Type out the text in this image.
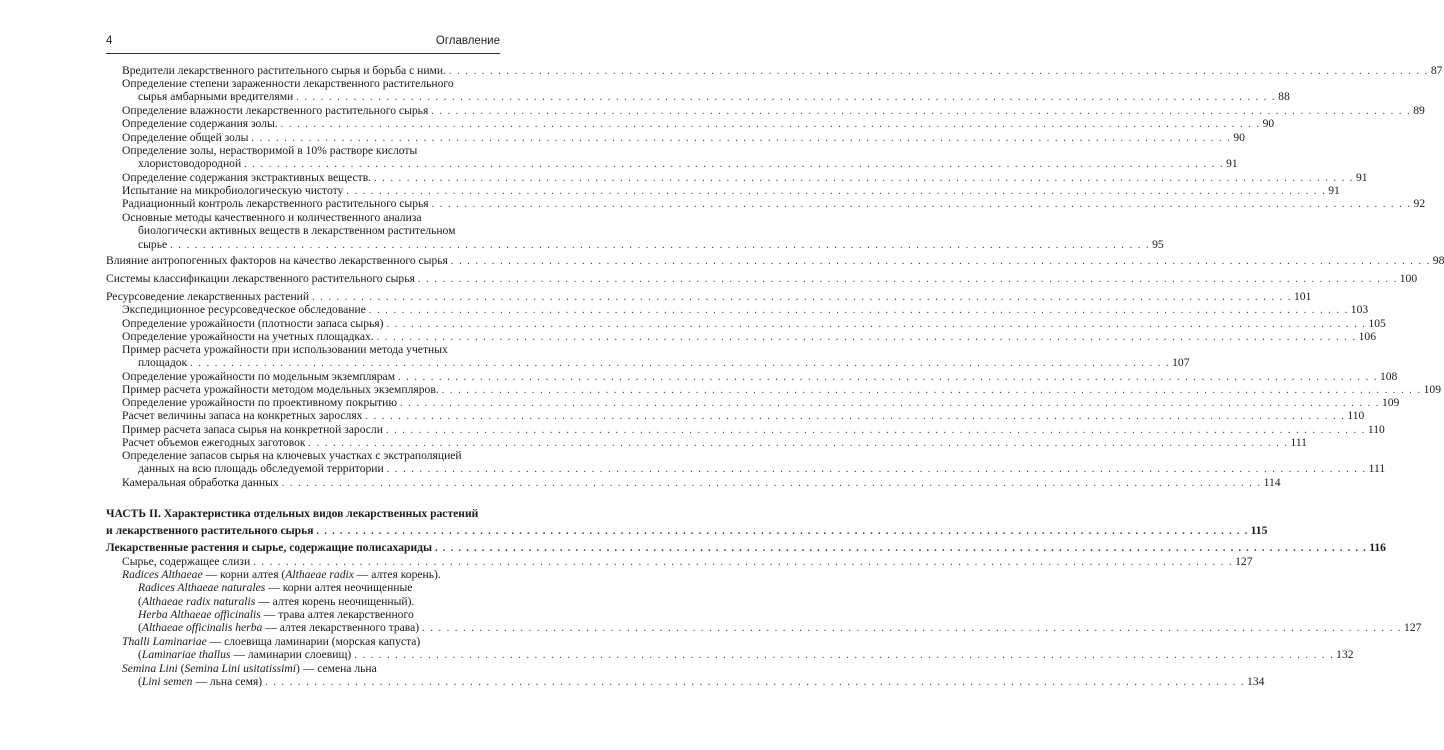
4	Оглавление
Вредители лекарственного растительного сырья и борьба с ними. . . . . . . . . . . . . . . . . . . . . . . . . . . . . . . . . . . . . . . . . . . . . . . . . . . . . . . . . . . . . . . . . . . . . . . . . . . . . . . . . . . . . . . . . . . . . . . . . . . . . . . . . . . . . . . . . . . . . . . . . 87
Определение степени зараженности лекарственного растительного
сырья амбарными вредителями . . . . . . . . . . . . . . . . . . . . . . . . . . . . . . . . . . . . . . . . . . . . . . . . . . . . . . . . . . . . . . . . . . . . . . . . . . . . . . . . . . . . . . . . . . . . . . . . . . . . . . . . . . . . . . . . . . . . . . . . 88
Определение влажности лекарственного растительного сырья . . . . . . . . . . . . . . . . . . . . . . . . . . . . . . . . . . . . . . . . . . . . . . . . . . . . . . . . . . . . . . . . . . . . . . . . . . . . . . . . . . . . . . . . . . . . . . . . . . . . . . . . . . . . . . . . . . . . . . . . 89
Определение содержания золы. . . . . . . . . . . . . . . . . . . . . . . . . . . . . . . . . . . . . . . . . . . . . . . . . . . . . . . . . . . . . . . . . . . . . . . . . . . . . . . . . . . . . . . . . . . . . . . . . . . . . . . . . . . . . . . . . . . . . . . . . 90
Определение общей золы . . . . . . . . . . . . . . . . . . . . . . . . . . . . . . . . . . . . . . . . . . . . . . . . . . . . . . . . . . . . . . . . . . . . . . . . . . . . . . . . . . . . . . . . . . . . . . . . . . . . . . . . . . . . . . . . . . . . . . . . 90
Определение золы, нерастворимой в 10% растворе кислоты
хлористоводородной . . . . . . . . . . . . . . . . . . . . . . . . . . . . . . . . . . . . . . . . . . . . . . . . . . . . . . . . . . . . . . . . . . . . . . . . . . . . . . . . . . . . . . . . . . . . . . . . . . . . . . . . . . . . . . . . . . . . . . . . 91
Определение содержания экстрактивных веществ. . . . . . . . . . . . . . . . . . . . . . . . . . . . . . . . . . . . . . . . . . . . . . . . . . . . . . . . . . . . . . . . . . . . . . . . . . . . . . . . . . . . . . . . . . . . . . . . . . . . . . . . . . . . . . . . . . . . . . . . . 91
Испытание на микробиологическую чистоту . . . . . . . . . . . . . . . . . . . . . . . . . . . . . . . . . . . . . . . . . . . . . . . . . . . . . . . . . . . . . . . . . . . . . . . . . . . . . . . . . . . . . . . . . . . . . . . . . . . . . . . . . . . . . . . . . . . . . . . . 91
Радиационный контроль лекарственного растительного сырья . . . . . . . . . . . . . . . . . . . . . . . . . . . . . . . . . . . . . . . . . . . . . . . . . . . . . . . . . . . . . . . . . . . . . . . . . . . . . . . . . . . . . . . . . . . . . . . . . . . . . . . . . . . . . . . . . . . . . . . . 92
Основные методы качественного и количественного анализа
биологически активных веществ в лекарственном растительном
сырье . . . . . . . . . . . . . . . . . . . . . . . . . . . . . . . . . . . . . . . . . . . . . . . . . . . . . . . . . . . . . . . . . . . . . . . . . . . . . . . . . . . . . . . . . . . . . . . . . . . . . . . . . . . . . . . . . . . . . . . . 95
Влияние антропогенных факторов на качество лекарственного сырья . . . . . . . . . . . . . . . . . . . . . . . . . . . . . . . . . . . . . . . . . . . . . . . . . . . . . . . . . . . . . . . . . . . . . . . . . . . . . . . . . . . . . . . . . . . . . . . . . . . . . . . . . . . . . . . . . . . . . . . . 98
Системы классификации лекарственного растительного сырья . . . . . . . . . . . . . . . . . . . . . . . . . . . . . . . . . . . . . . . . . . . . . . . . . . . . . . . . . . . . . . . . . . . . . . . . . . . . . . . . . . . . . . . . . . . . . . . . . . . . . . . . . . . . . . . . . . . . . . . . 100
Ресурсоведение лекарственных растений . . . . . . . . . . . . . . . . . . . . . . . . . . . . . . . . . . . . . . . . . . . . . . . . . . . . . . . . . . . . . . . . . . . . . . . . . . . . . . . . . . . . . . . . . . . . . . . . . . . . . . . . . . . . . . . . . . . . . . . . 101
Экспедиционное ресурсоведческое обследование . . . . . . . . . . . . . . . . . . . . . . . . . . . . . . . . . . . . . . . . . . . . . . . . . . . . . . . . . . . . . . . . . . . . . . . . . . . . . . . . . . . . . . . . . . . . . . . . . . . . . . . . . . . . . . . . . . . . . . . . 103
Определение урожайности (плотности запаса сырья) . . . . . . . . . . . . . . . . . . . . . . . . . . . . . . . . . . . . . . . . . . . . . . . . . . . . . . . . . . . . . . . . . . . . . . . . . . . . . . . . . . . . . . . . . . . . . . . . . . . . . . . . . . . . . . . . . . . . . . . . 105
Определение урожайности на учетных площадках. . . . . . . . . . . . . . . . . . . . . . . . . . . . . . . . . . . . . . . . . . . . . . . . . . . . . . . . . . . . . . . . . . . . . . . . . . . . . . . . . . . . . . . . . . . . . . . . . . . . . . . . . . . . . . . . . . . . . . . . . 106
Пример расчета урожайности при использовании метода учетных
площадок . . . . . . . . . . . . . . . . . . . . . . . . . . . . . . . . . . . . . . . . . . . . . . . . . . . . . . . . . . . . . . . . . . . . . . . . . . . . . . . . . . . . . . . . . . . . . . . . . . . . . . . . . . . . . . . . . . . . . . . . 107
Определение урожайности по модельным экземплярам . . . . . . . . . . . . . . . . . . . . . . . . . . . . . . . . . . . . . . . . . . . . . . . . . . . . . . . . . . . . . . . . . . . . . . . . . . . . . . . . . . . . . . . . . . . . . . . . . . . . . . . . . . . . . . . . . . . . . . . . 108
Пример расчета урожайности методом модельных экземпляров. . . . . . . . . . . . . . . . . . . . . . . . . . . . . . . . . . . . . . . . . . . . . . . . . . . . . . . . . . . . . . . . . . . . . . . . . . . . . . . . . . . . . . . . . . . . . . . . . . . . . . . . . . . . . . . . . . . . . . . . . 109
Определение урожайности по проективному покрытию . . . . . . . . . . . . . . . . . . . . . . . . . . . . . . . . . . . . . . . . . . . . . . . . . . . . . . . . . . . . . . . . . . . . . . . . . . . . . . . . . . . . . . . . . . . . . . . . . . . . . . . . . . . . . . . . . . . . . . . . 109
Расчет величины запаса на конкретных зарослях . . . . . . . . . . . . . . . . . . . . . . . . . . . . . . . . . . . . . . . . . . . . . . . . . . . . . . . . . . . . . . . . . . . . . . . . . . . . . . . . . . . . . . . . . . . . . . . . . . . . . . . . . . . . . . . . . . . . . . . . 110
Пример расчета запаса сырья на конкретной заросли . . . . . . . . . . . . . . . . . . . . . . . . . . . . . . . . . . . . . . . . . . . . . . . . . . . . . . . . . . . . . . . . . . . . . . . . . . . . . . . . . . . . . . . . . . . . . . . . . . . . . . . . . . . . . . . . . . . . . . . . 110
Расчет объемов ежегодных заготовок . . . . . . . . . . . . . . . . . . . . . . . . . . . . . . . . . . . . . . . . . . . . . . . . . . . . . . . . . . . . . . . . . . . . . . . . . . . . . . . . . . . . . . . . . . . . . . . . . . . . . . . . . . . . . . . . . . . . . . . . 111
Определение запасов сырья на ключевых участках с экстраполяцией
данных на всю площадь обследуемой территории . . . . . . . . . . . . . . . . . . . . . . . . . . . . . . . . . . . . . . . . . . . . . . . . . . . . . . . . . . . . . . . . . . . . . . . . . . . . . . . . . . . . . . . . . . . . . . . . . . . . . . . . . . . . . . . . . . . . . . . . 111
Камеральная обработка данных . . . . . . . . . . . . . . . . . . . . . . . . . . . . . . . . . . . . . . . . . . . . . . . . . . . . . . . . . . . . . . . . . . . . . . . . . . . . . . . . . . . . . . . . . . . . . . . . . . . . . . . . . . . . . . . . . . . . . . . . 114
ЧАСТЬ II. Характеристика отдельных видов лекарственных растений
и лекарственного растительного сырья . . . . . . . . . . . . . . . . . . . . . . . . . . . . . . . . . . . . . . . . . . . . . . . . . . . . . . . . . . . . . . . . . . . . . . . . . . . . . . . . . . . . . . . . . . . . . . . . . . . . . . . . . . . . . . . . . . . . . . . . 115
Лекарственные растения и сырье, содержащие полисахариды . . . . . . . . . . . . . . . . . . . . . . . . . . . . . . . . . . . . . . . . . . . . . . . . . . . . . . . . . . . . . . . . . . . . . . . . . . . . . . . . . . . . . . . . . . . . . . . . . . . . . . . . . . . . . . . . . . . . . . . . 116
Сырье, содержащее слизи . . . . . . . . . . . . . . . . . . . . . . . . . . . . . . . . . . . . . . . . . . . . . . . . . . . . . . . . . . . . . . . . . . . . . . . . . . . . . . . . . . . . . . . . . . . . . . . . . . . . . . . . . . . . . . . . . . . . . . . . 127
Radices Althaeae — корни алтея (Althaeae radix — алтея корень).
Radices Althaeae naturales — корни алтея неочищенные
(Althaeae radix naturalis — алтея корень неочищенный).
Herba Althaeae officinalis — трава алтея лекарственного
(Althaeae officinalis herba — алтея лекарственного трава) . . . . . . . . . . . . . . . . . . . . . . . . . . . . . . . . . . . . . . . . . . . . . . . . . . . . . . . . . . . . . . . . . . . . . . . . . . . . . . . . . . . . . . . . . . . . . . . . . . . . . . . . . . . . . . . . . . . . . . . . 127
Thalli Laminariae — слоевища ламинарии (морская капуста)
(Laminariae thallus — ламинарии слоевищ) . . . . . . . . . . . . . . . . . . . . . . . . . . . . . . . . . . . . . . . . . . . . . . . . . . . . . . . . . . . . . . . . . . . . . . . . . . . . . . . . . . . . . . . . . . . . . . . . . . . . . . . . . . . . . . . . . . . . . . . . 132
Semina Lini (Semina Lini usitatissimi) — семена льна
(Lini semen — льна семя) . . . . . . . . . . . . . . . . . . . . . . . . . . . . . . . . . . . . . . . . . . . . . . . . . . . . . . . . . . . . . . . . . . . . . . . . . . . . . . . . . . . . . . . . . . . . . . . . . . . . . . . . . . . . . . . . . . . . . . . . 134
